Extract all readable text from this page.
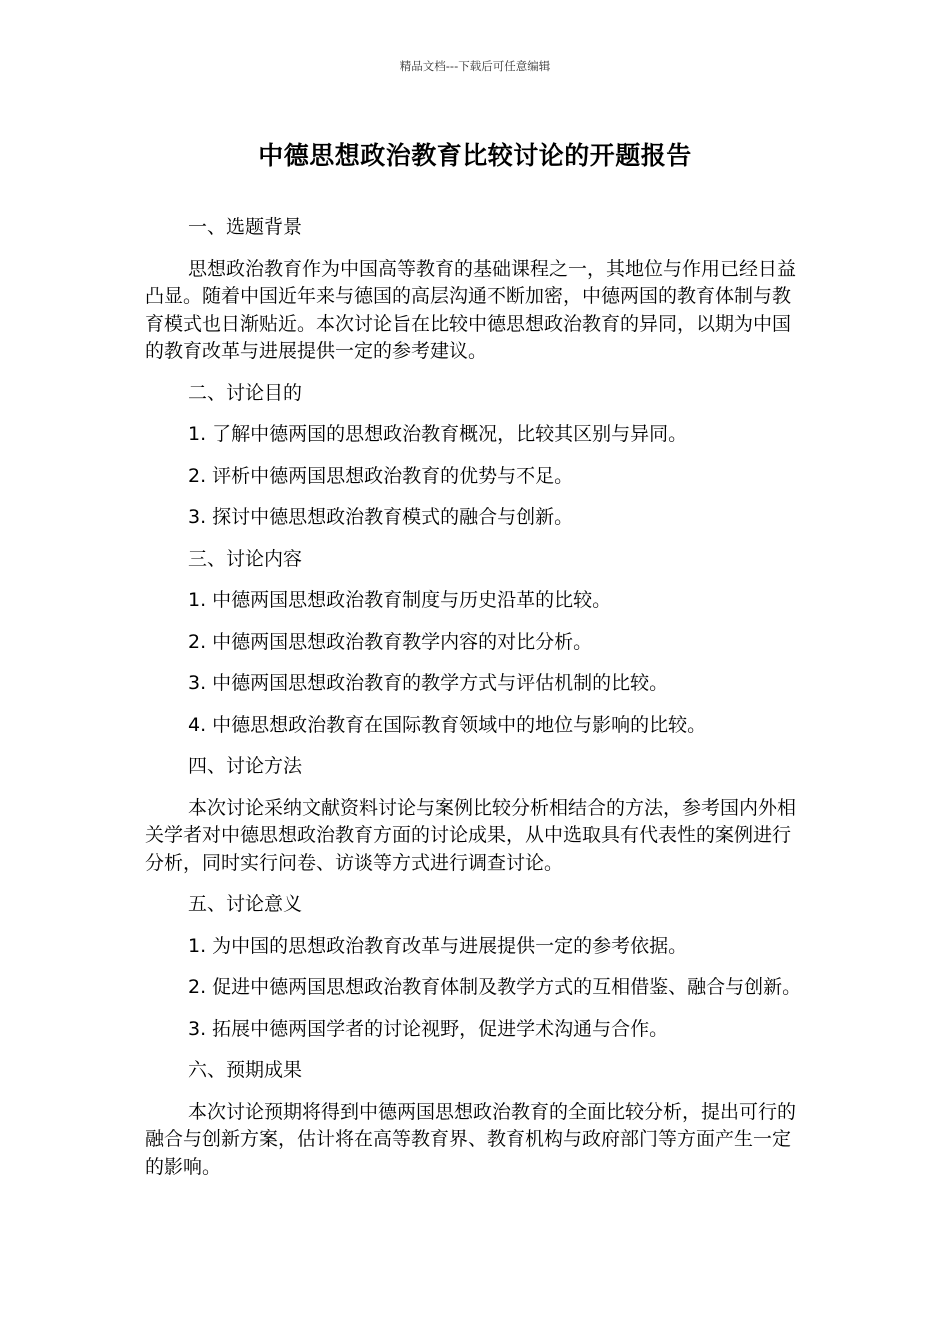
精品文档---下载后可任意编辑
中德思想政治教育比较讨论的开题报告

一、选题背景

思想政治教育作为中国高等教育的基础课程之一，其地位与作用已经日益凸显。随着中国近年来与德国的高层沟通不断加密，中德两国的教育体制与教育模式也日渐贴近。本次讨论旨在比较中德思想政治教育的异同，以期为中国的教育改革与进展提供一定的参考建议。

二、讨论目的

1. 了解中德两国的思想政治教育概况，比较其区别与异同。

2. 评析中德两国思想政治教育的优势与不足。

3. 探讨中德思想政治教育模式的融合与创新。

三、讨论内容

1. 中德两国思想政治教育制度与历史沿革的比较。

2. 中德两国思想政治教育教学内容的对比分析。

3. 中德两国思想政治教育的教学方式与评估机制的比较。

4. 中德思想政治教育在国际教育领域中的地位与影响的比较。

四、讨论方法

本次讨论采纳文献资料讨论与案例比较分析相结合的方法，参考国内外相关学者对中德思想政治教育方面的讨论成果，从中选取具有代表性的案例进行分析，同时实行问卷、访谈等方式进行调查讨论。

五、讨论意义

1. 为中国的思想政治教育改革与进展提供一定的参考依据。

2. 促进中德两国思想政治教育体制及教学方式的互相借鉴、融合与创新。

3. 拓展中德两国学者的讨论视野，促进学术沟通与合作。

六、预期成果

本次讨论预期将得到中德两国思想政治教育的全面比较分析，提出可行的融合与创新方案，估计将在高等教育界、教育机构与政府部门等方面产生一定的影响。
